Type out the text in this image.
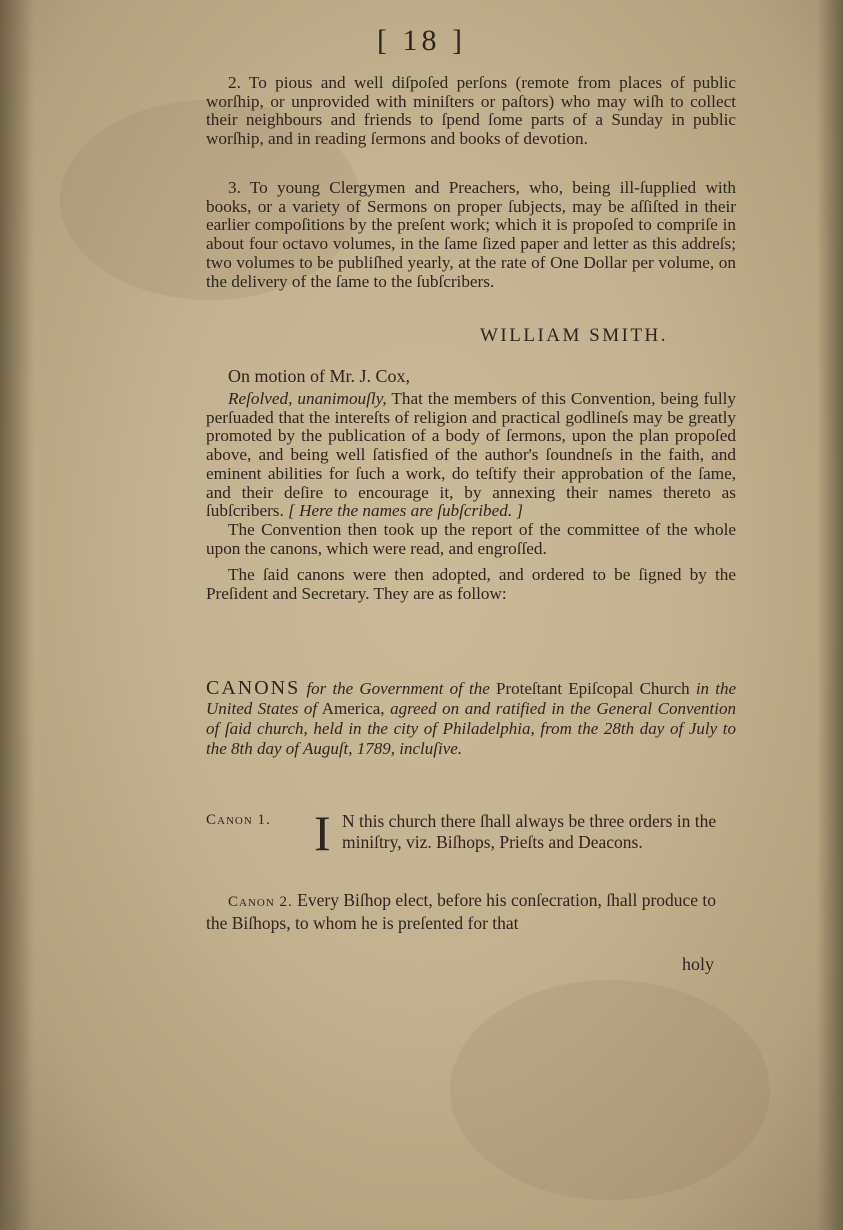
[ 18 ]

2. To pious and well diſpoſed perſons (remote from places of public worſhip, or unprovided with miniſters or paſtors) who may wiſh to collect their neighbours and friends to ſpend ſome parts of a Sunday in public worſhip, and in reading ſermons and books of devotion.

3. To young Clergymen and Preachers, who, being ill-ſupplied with books, or a variety of Sermons on proper ſubjects, may be aſſiſted in their earlier compoſitions by the preſent work; which it is propoſed to compriſe in about four octavo volumes, in the ſame ſized paper and letter as this addreſs; two volumes to be publiſhed yearly, at the rate of One Dollar per volume, on the delivery of the ſame to the ſubſcribers.

WILLIAM SMITH.
On motion of Mr. J. Cox,

Reſolved, unanimouſly, That the members of this Convention, being fully perſuaded that the intereſts of religion and practical godlineſs may be greatly promoted by the publication of a body of ſermons, upon the plan propoſed above, and being well ſatisfied of the author's ſoundneſs in the faith, and eminent abilities for ſuch a work, do teſtify their approbation of the ſame, and their deſire to encourage it, by annexing their names thereto as ſubſcribers. [ Here the names are ſubſcribed. ]

The Convention then took up the report of the committee of the whole upon the canons, which were read, and engroſſed.

The ſaid canons were then adopted, and ordered to be ſigned by the Preſident and Secretary. They are as follow:

CANONS for the Government of the Proteſtant Epiſcopal Church in the United States of America, agreed on and ratified in the General Convention of ſaid church, held in the city of Philadelphia, from the 28th day of July to the 8th day of Auguſt, 1789, incluſive.
Canon 1. I N this church there ſhall always be three orders in the miniſtry, viz. Biſhops, Prieſts and Deacons.
Canon 2. Every Biſhop elect, before his conſecration, ſhall produce to the Biſhops, to whom he is preſented for that
holy
